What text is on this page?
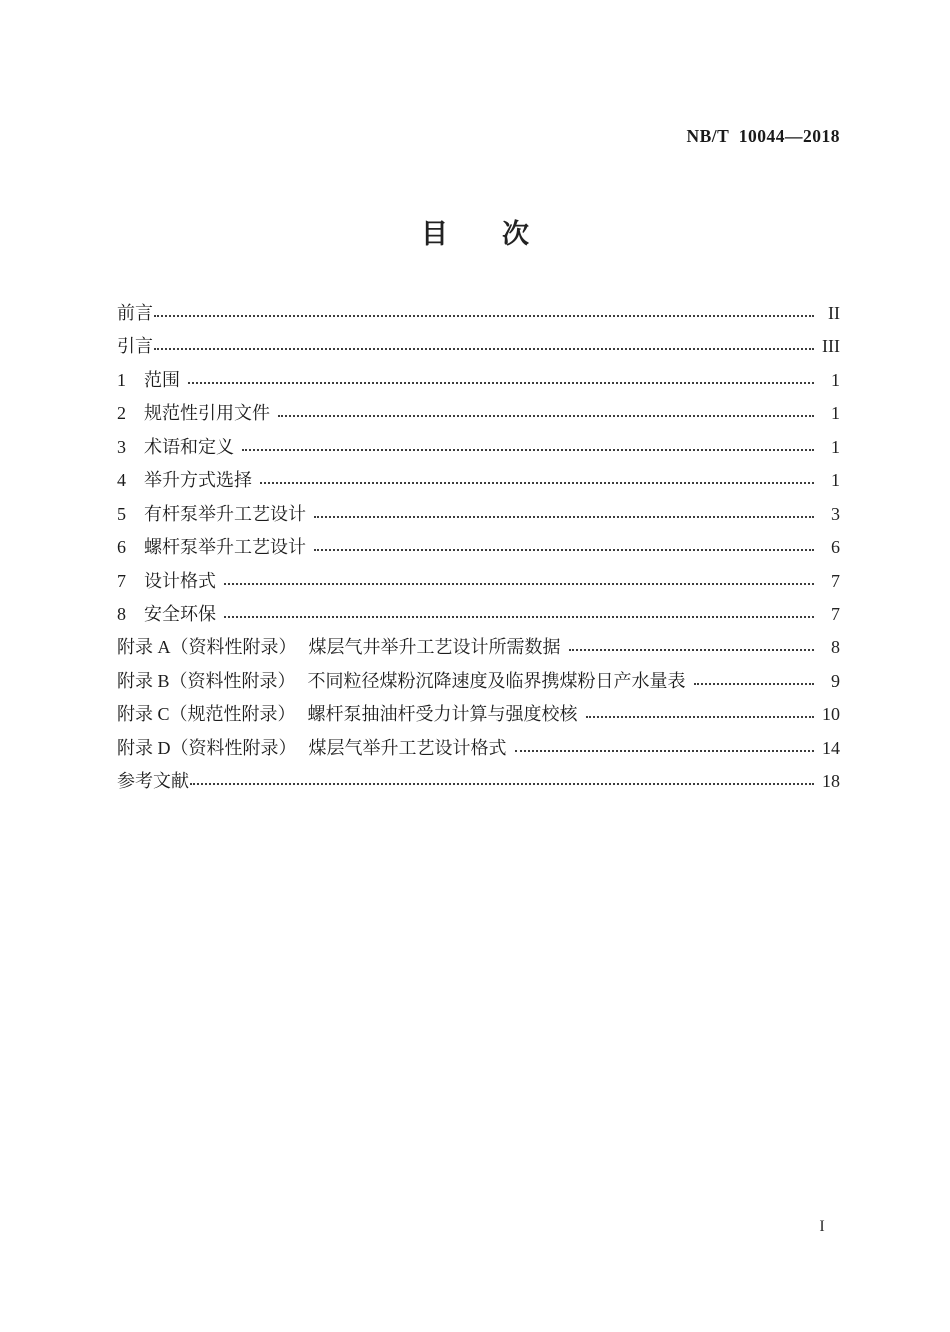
NB/T  10044—2018
目　　次
前言	II
引言	III
1 范围	1
2 规范性引用文件	1
3 术语和定义	1
4 举升方式选择	1
5 有杆泵举升工艺设计	3
6 螺杆泵举升工艺设计	6
7 设计格式	7
8 安全环保	7
附录 A（资料性附录） 煤层气井举升工艺设计所需数据	8
附录 B（资料性附录） 不同粒径煤粉沉降速度及临界携煤粉日产水量表	9
附录 C（规范性附录） 螺杆泵抽油杆受力计算与强度校核	10
附录 D（资料性附录） 煤层气举升工艺设计格式	14
参考文献	18
I
